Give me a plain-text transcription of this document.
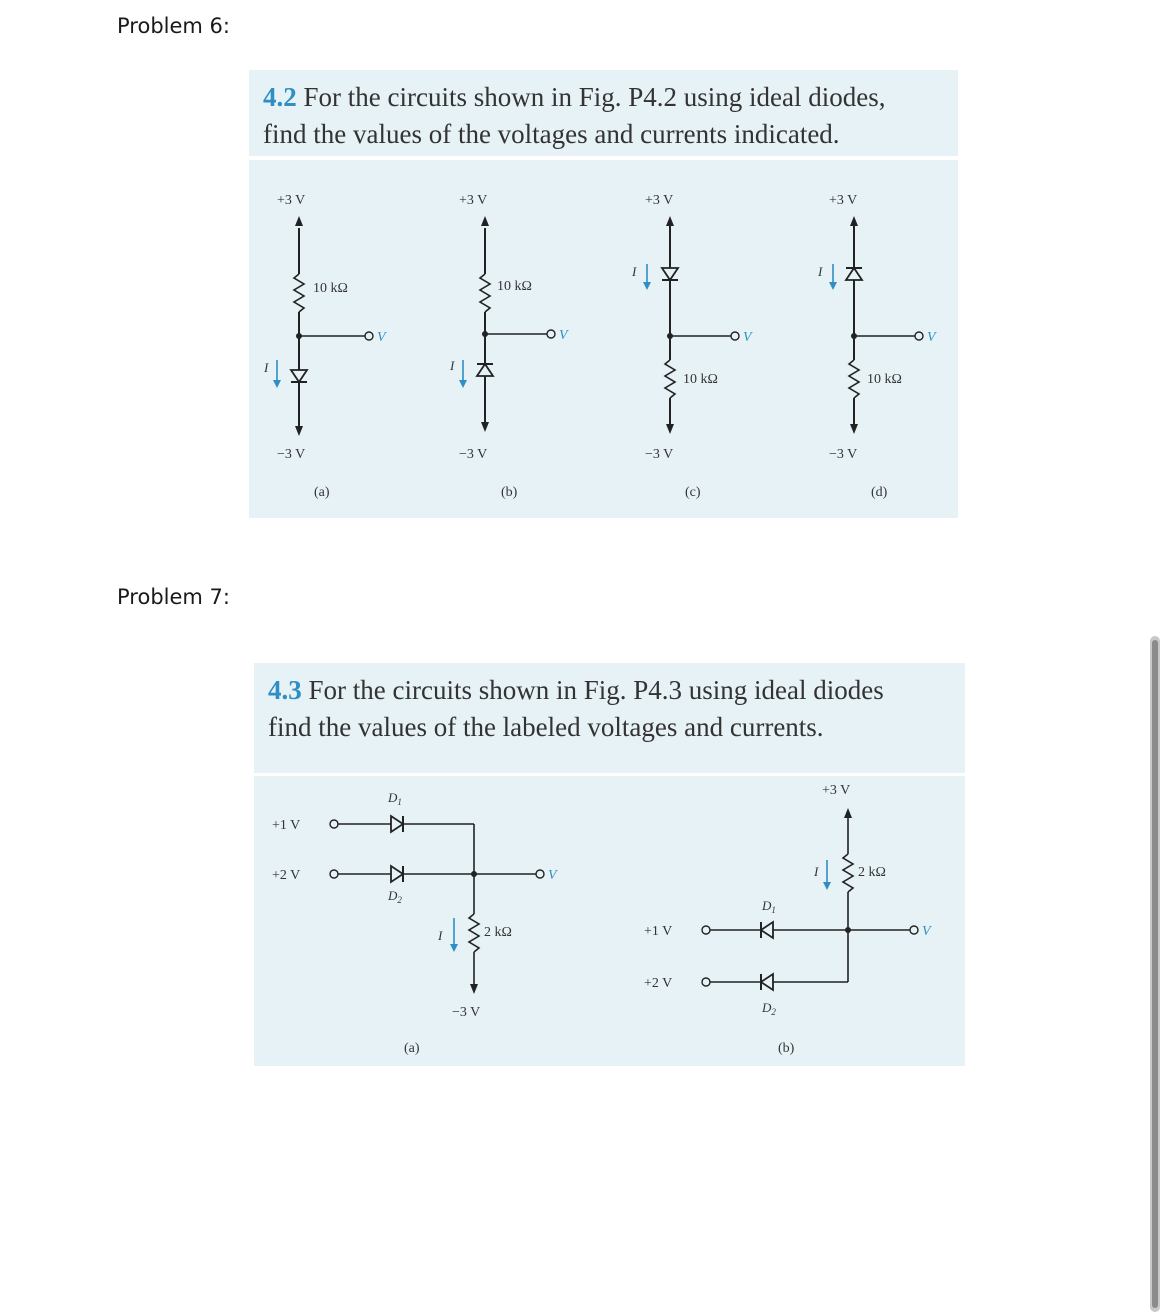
Problem 6:
4.2 For the circuits shown in Fig. P4.2 using ideal diodes,
find the values of the voltages and currents indicated.
+3 V
10 kΩ
V
I
−3 V
(a)
+3 V
10 kΩ
V
I
−3 V
(b)
+3 V
I
V
10 kΩ
−3 V
(c)
+3 V
I
V
10 kΩ
−3 V
(d)
Problem 7:
4.3 For the circuits shown in Fig. P4.3 using ideal diodes
find the values of the labeled voltages and currents.
$D_1$
+1 V
+2 V
$D_2$
V
2 kΩ
I
−3 V
(a)
+3 V
2 kΩ
I
V
$D_1$
+1 V
+2 V
$D_2$
(b)
